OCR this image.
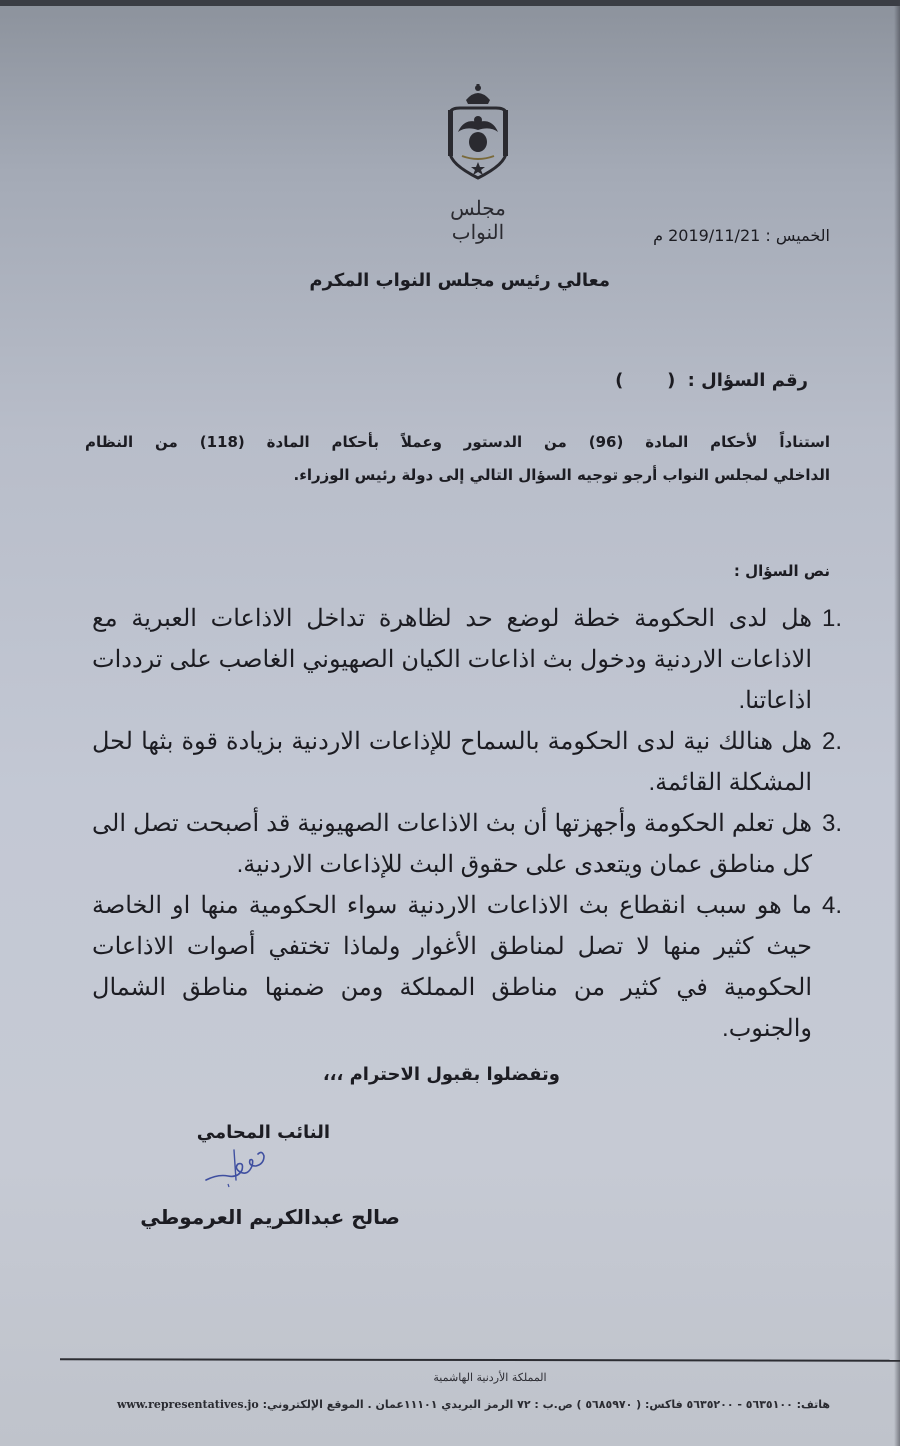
مجلس النواب	الخميس : 2019/11/21 م
معالي رئيس مجلس النواب المكرم
رقم السؤال : (       )
استناداً لأحكام المادة (96) من الدستور وعملاً بأحكام المادة (118) من النظام
الداخلي لمجلس النواب أرجو توجيه السؤال التالي إلى دولة رئيس الوزراء.
نص السؤال :
1.
هل لدى الحكومة خطة لوضع حد لظاهرة تداخل الاذاعات العبرية مع الاذاعات الاردنية ودخول بث اذاعات الكيان الصهيوني الغاصب على ترددات اذاعاتنا.
2.
هل هنالك نية لدى الحكومة بالسماح للإذاعات الاردنية بزيادة قوة بثها لحل المشكلة القائمة.
3.
هل تعلم الحكومة وأجهزتها أن بث الاذاعات الصهيونية قد أصبحت تصل الى كل مناطق عمان ويتعدى على حقوق البث للإذاعات الاردنية.
4.
ما هو سبب انقطاع بث الاذاعات الاردنية سواء الحكومية منها او الخاصة حيث كثير منها لا تصل لمناطق الأغوار ولماذا تختفي أصوات الاذاعات الحكومية في كثير من مناطق المملكة ومن ضمنها مناطق الشمال والجنوب.
وتفضلوا بقبول الاحترام ،،،
النائب المحامي
صالح عبدالكريم العرموطي
المملكة الأردنية الهاشمية
هاتف: ٥٦٣٥١٠٠ - ٥٦٣٥٢٠٠ فاكس: ( ٥٦٨٥٩٧٠ ) ص.ب : ٧٢ الرمز البريدي ١١١٠١عمان . الموقع الإلكتروني: www.representatives.jo
